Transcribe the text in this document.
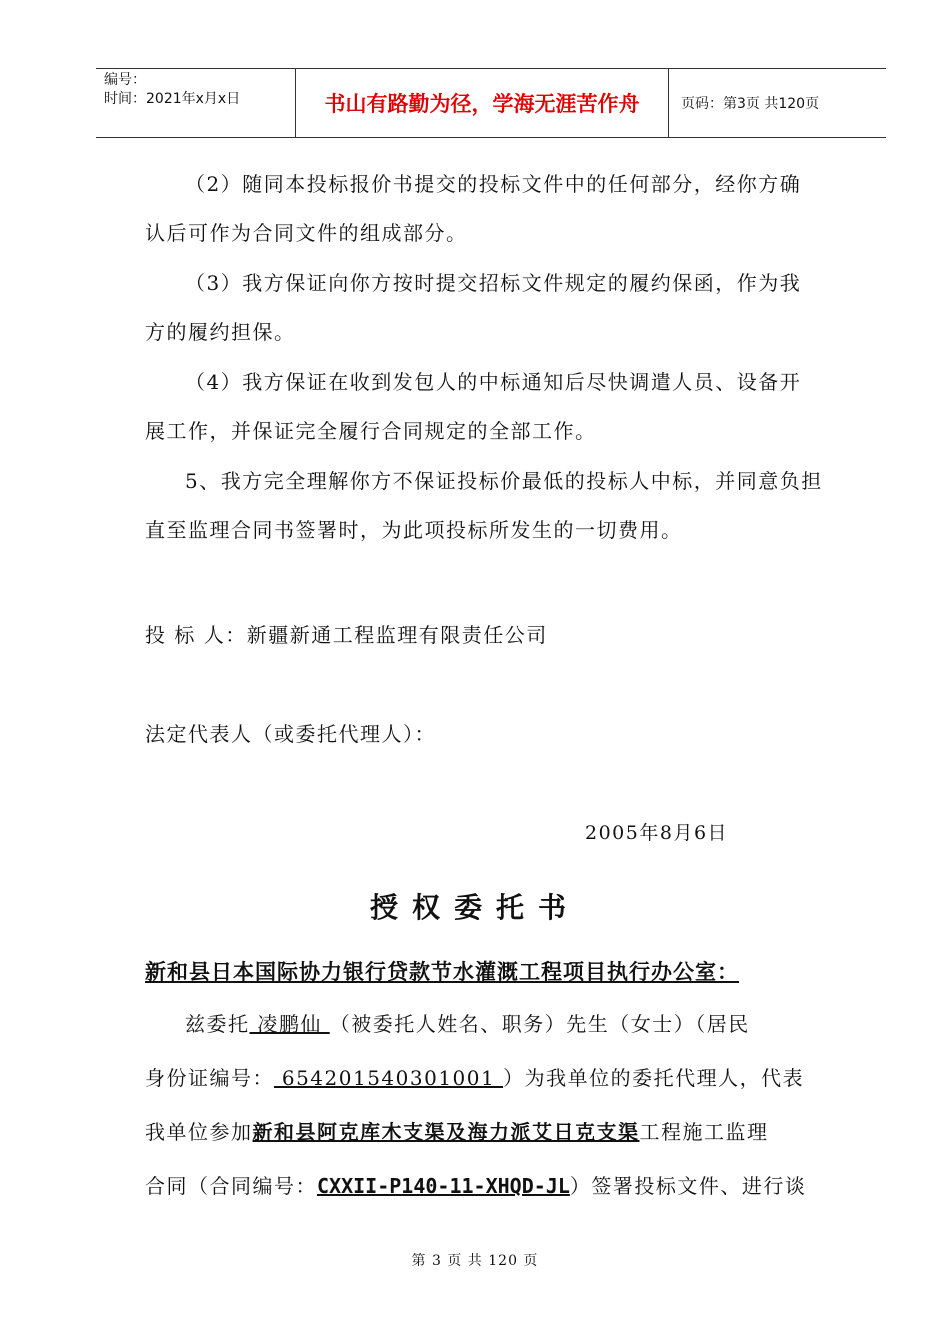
编号：
时间：2021年x月x日	书山有路勤为径，学海无涯苦作舟	页码：第3页 共120页
（2）随同本投标报价书提交的投标文件中的任何部分，经你方确
认后可作为合同文件的组成部分。
（3）我方保证向你方按时提交招标文件规定的履约保函，作为我
方的履约担保。
（4）我方保证在收到发包人的中标通知后尽快调遣人员、设备开
展工作，并保证完全履行合同规定的全部工作。
5、我方完全理解你方不保证投标价最低的投标人中标，并同意负担
直至监理合同书签署时，为此项投标所发生的一切费用。
投 标 人：新疆新通工程监理有限责任公司
法定代表人（或委托代理人）：
2005年8月6日
授权委托书
新和县日本国际协力银行贷款节水灌溉工程项目执行办公室：
兹委托 凌鹏仙 （被委托人姓名、职务）先生（女士）（居民
身份证编号： 654201540301001 ）为我单位的委托代理人，代表
我单位参加新和县阿克库木支渠及海力派艾日克支渠工程施工监理
合同（合同编号：CXXII-P140-11-XHQD-JL）签署投标文件、进行谈
第 3 页 共 120 页
